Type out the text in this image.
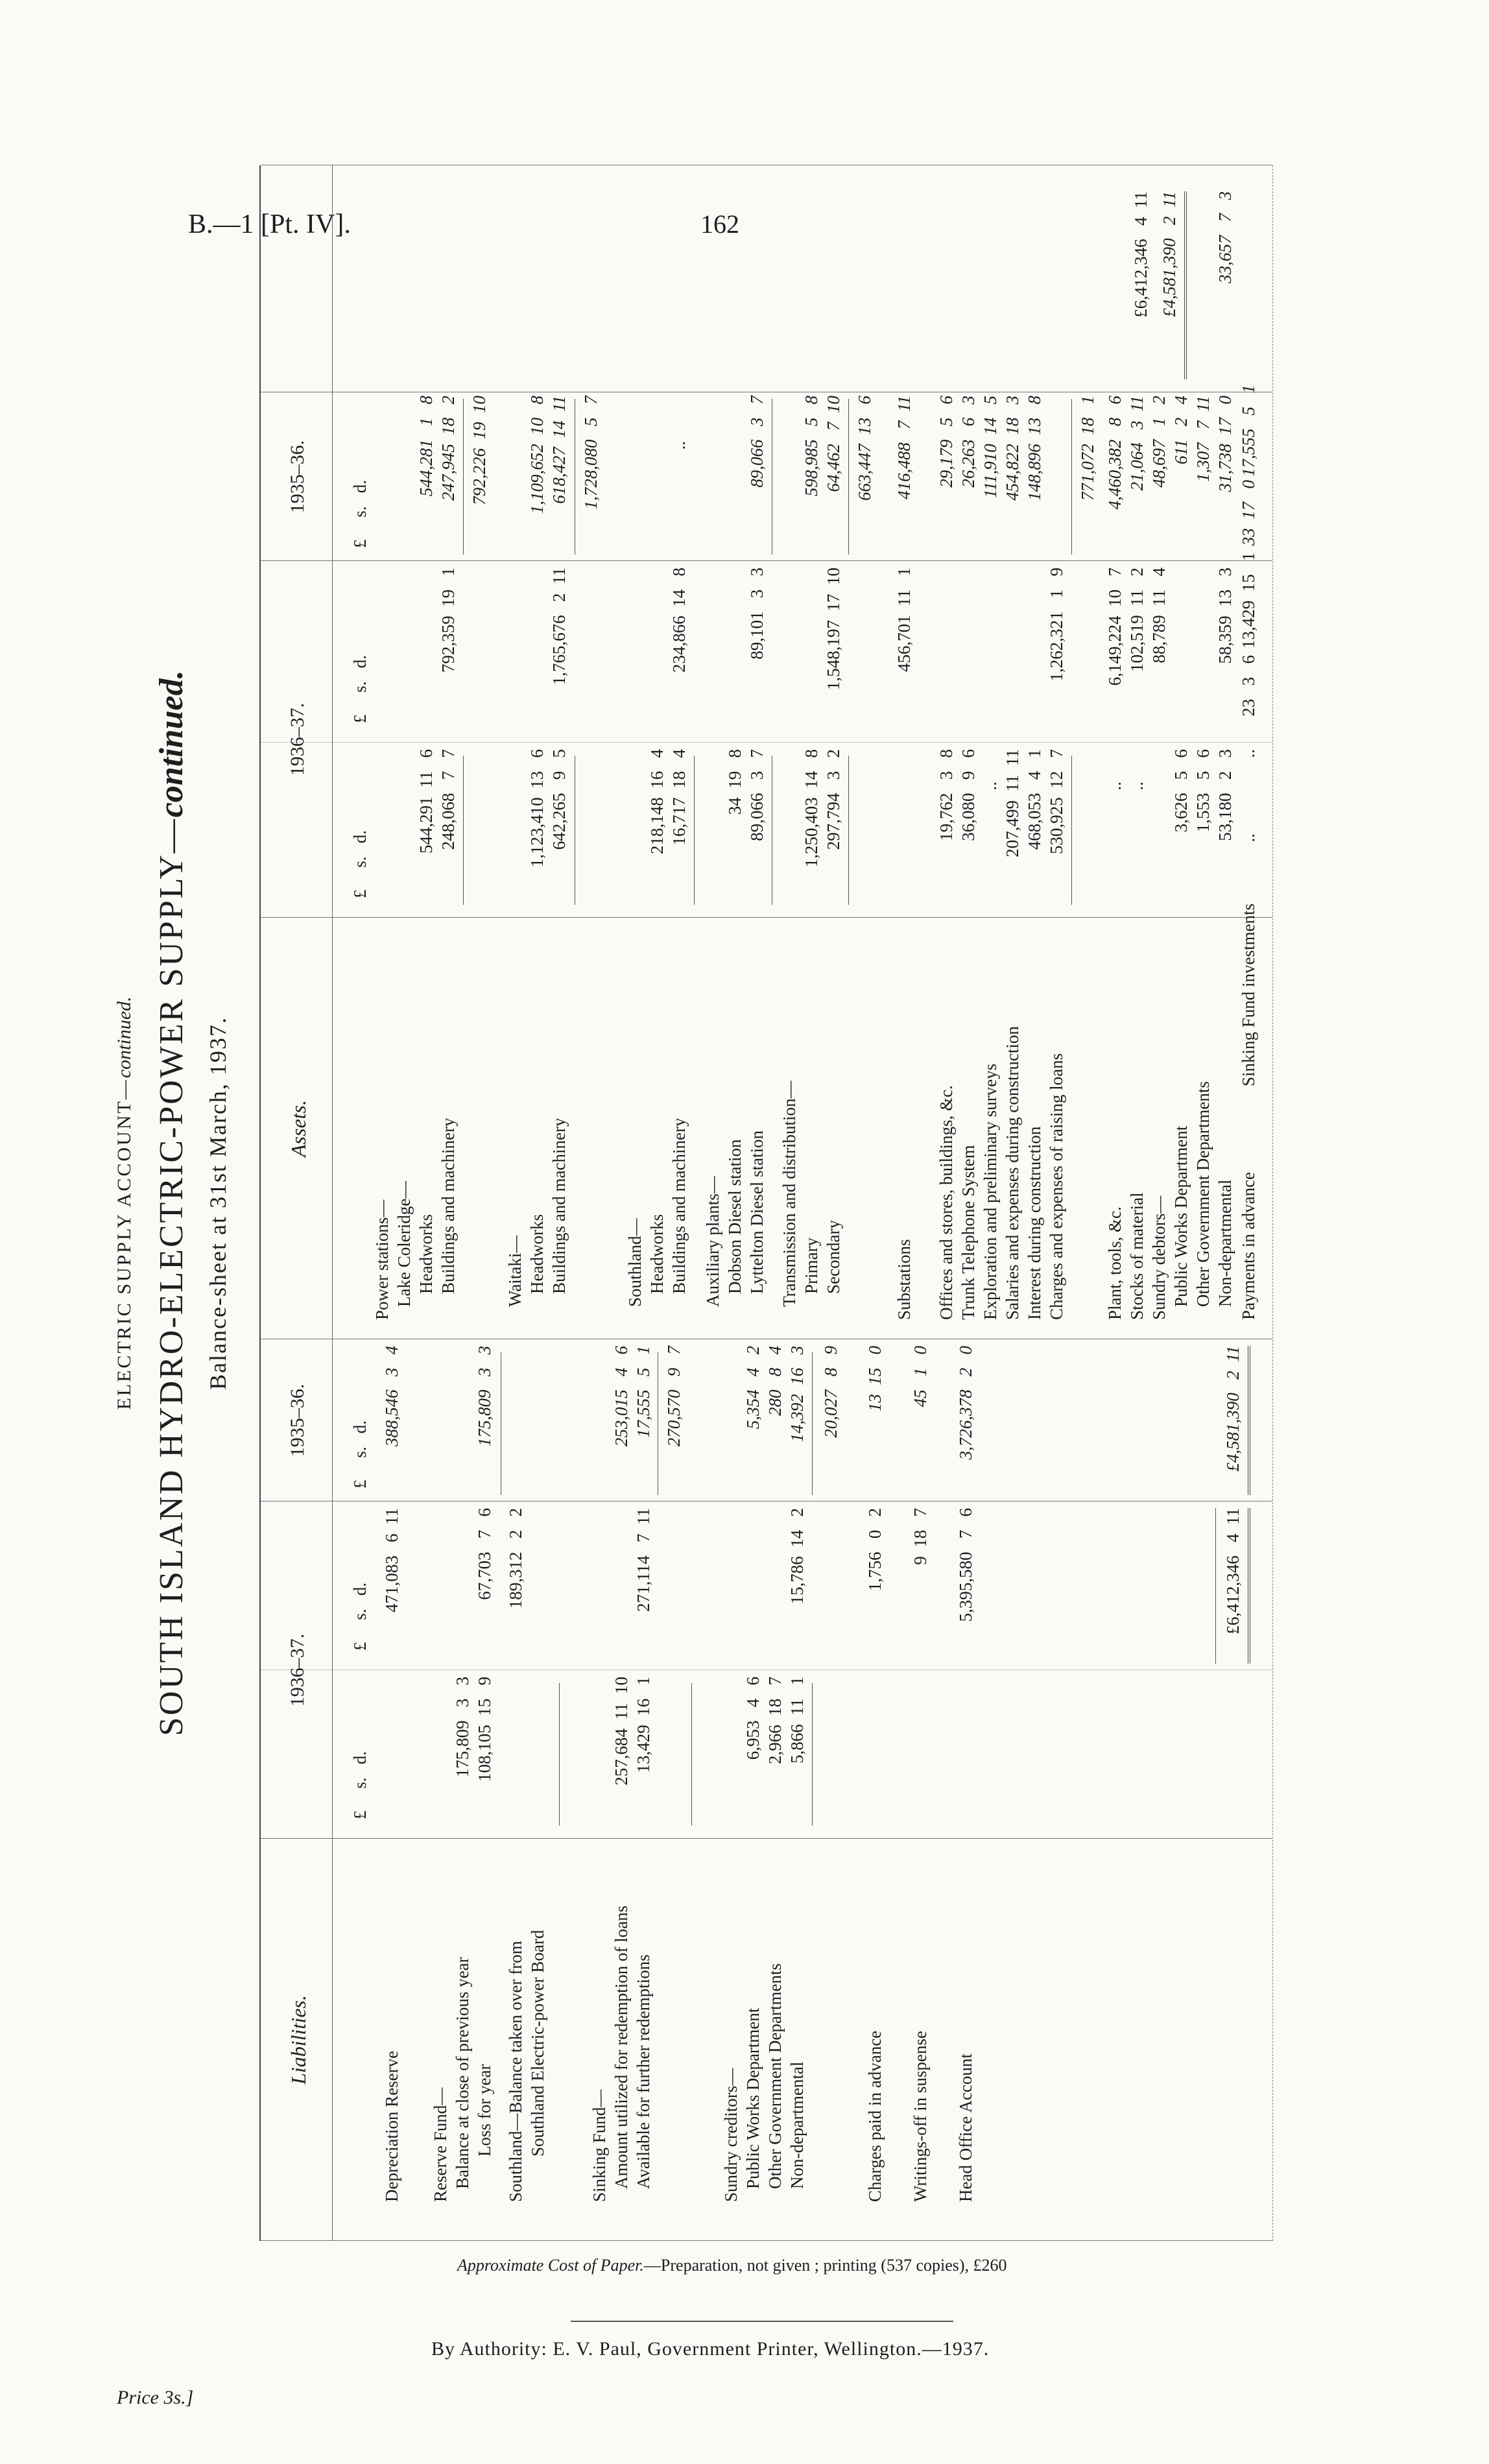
B.—1 [Pt. IV].	162
ELECTRIC SUPPLY ACCOUNT—continued. SOUTH ISLAND HYDRO-ELECTRIC-POWER SUPPLY—continued.
Balance-sheet at 31st March, 1937.
Liabilities.
1936–37.
1935–36.
Assets.
1936–37.
1935–36.
£     s.   d.
£     s.   d.
£     s.   d.
£     s.   d.
£     s.   d.
£     s.   d.
Depreciation Reserve
471,083   6  11
388,546   3   4
Reserve Fund— Balance at close of previous year
175,809   3   3
Loss for year
108,105  15   9
67,703   7   6
175,809   3   3
Southland—Balance taken over from Southland Electric-power Board
189,312   2   2
Sinking Fund— Amount utilized for redemption of loans
257,684  11  10
253,015   4   6
Available for further redemptions
13,429  16   1
271,114   7  11
17,555   5   1 270,570   9   7
Sundry creditors— Public Works Department
6,953   4   6
5,354   4   2
Other Government Departments
2,966  18   7
280   8   4
Non-departmental
5,866  11   1
15,786  14   2
14,392  16   3 20,027   8   9
Charges paid in advance
1,756   0   2
13  15   0
Writings-off in suspense
9  18   7
45   1   0
Head Office Account
5,395,580   7   6
3,726,378   2   0
£6,412,346   4  11
£4,581,390   2  11
Power stations— Lake Coleridge— Headworks
544,291  11   6
544,281   1   8
Buildings and machinery
248,068   7   7
792,359  19   1
247,945  18   2 792,226  19  10
Waitaki— Headworks
1,123,410  13   6
1,109,652  10   8
Buildings and machinery
642,265   9   5
1,765,676   2  11
618,427  14  11 1,728,080   5   7
Southland— Headworks
218,148  16   4
Buildings and machinery
16,717  18   4
234,866  14   8
..
Auxiliary plants— Dobson Diesel station
34  19   8
Lyttelton Diesel station
89,066   3   7
89,101   3   3
89,066   3   7
Transmission and distribution— Primary
1,250,403  14   8
598,985   5   8
Secondary
297,794   3   2
1,548,197  17  10
64,462   7  10 663,447  13   6
Substations
456,701  11   1
416,488   7  11
Offices and stores, buildings, &c.
19,762   3   8
29,179   5   6
Trunk Telephone System
36,080   9   6
26,263   6   3
Exploration and preliminary surveys
..
111,910  14   5
Salaries and expenses during construction
207,499  11  11
454,822  18   3
Interest during construction
468,053   4   1
148,896  13   8
Charges and expenses of raising loans
530,925  12   7
1,262,321   1   9
771,072  18   1
Plant, tools, &c.
..
6,149,224  10   7
4,460,382   8   6
Stocks of material
..
102,519  11   2
21,064   3  11
Sundry debtors—
88,789  11   4
48,697   1   2
Public Works Department
3,626   5   6
611   2   4
Other Government Departments
1,553   5   6
1,307   7  11
Non-departmental
53,180   2   3
58,359  13   3
31,738  17   0
33,657   7   3
Payments in advance
Sinking Fund investments
..
..
23   3   6
13,429  15   1
33  17   0
17,555   5   1
£6,412,346   4  11 £4,581,390   2  11
Approximate Cost of Paper.—Preparation, not given ; printing (537 copies), £260
By Authority: E. V. Paul, Government Printer, Wellington.—1937.
Price 3s.]
